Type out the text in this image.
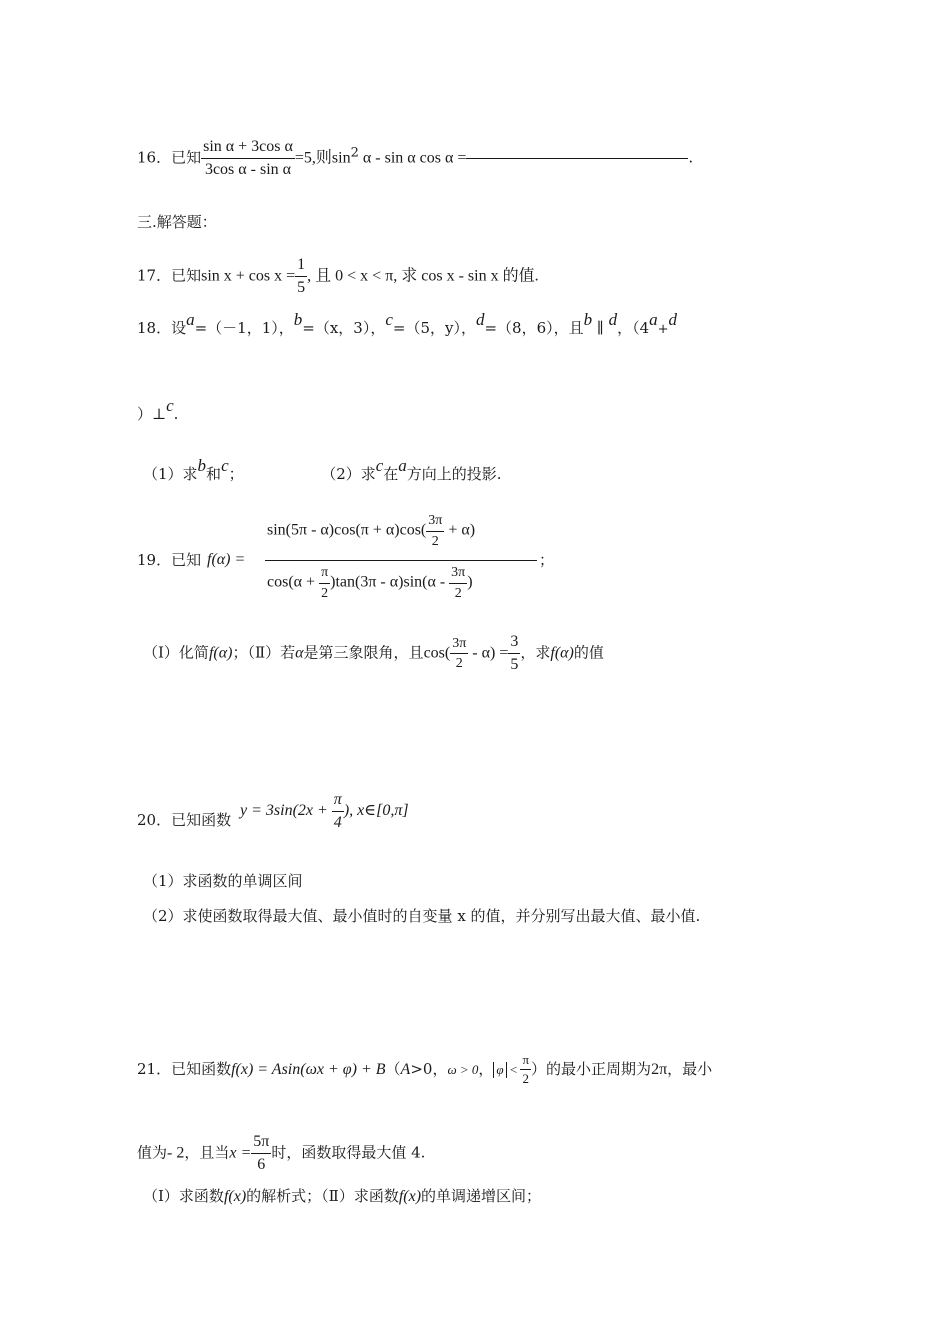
16．已知 $\frac{\text{sin α + 3cos α}}{\text{3cos α - sin α}} =5$,则$\sin^2 \alpha$ - sin α cos α =	.
三.解答题：
17．已知$\sin x + \cos x = \frac{1}{5}$ , 且 0 < x < π, 求 cos x - sin x 的值.
18．设a=（－1，1），b=（x，3），c=（5，y），d=（8，6），且b ∥ d，（4a+d
）⊥c.
（1）求b和c；	（2）求c在a方向上的投影.
19．已知 f(α) =
$\sin(5\pi - \alpha)\cos(\pi + \alpha)\cos( \frac{3\pi}{2} + \alpha)$
$\cos(\alpha + \frac{\pi}{2} )\tan(3\pi - \alpha)\sin(\alpha - \frac{3\pi}{2}$ )
；
（I）化简f(α)；（Ⅱ）若α是第三象限角，且$\cos( \frac{3\pi}{2} - \alpha) = \frac{3}{5}$ ，求f(α)的值
20．已知函数
$y = 3\sin(2x + \frac{\pi}{4}$ ), x∈[0,π]
（1）求函数的单调区间
（2）求使函数取得最大值、最小值时的自变量 x 的值，并分别写出最大值、最小值.
21．已知函数f(x) = Asin(ωx + φ) + B（A>0，ω > 0， $\varphi < \frac{\pi}{2}$ ）的最小正周期为2π，最小
值为- 2，且当$x = \frac{5\pi}{6}$ 时，函数取得最大值 4.
（I）求函数f(x)的解析式；（Ⅱ）求函数f(x)的单调递增区间；
